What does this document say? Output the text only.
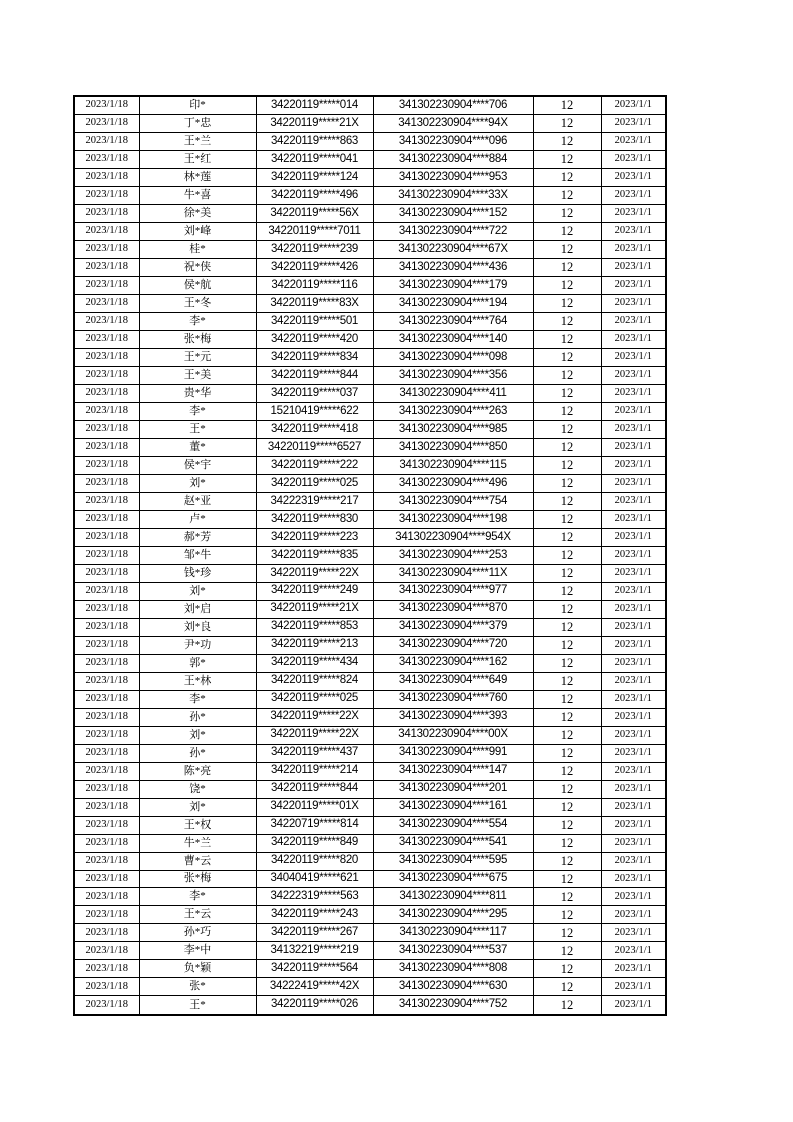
2023/1/18	印*	34220119*****014	341302230904****706	12	2023/1/1
2023/1/18	丁*忠	34220119*****21X	341302230904****94X	12	2023/1/1
2023/1/18	王*兰	34220119*****863	341302230904****096	12	2023/1/1
2023/1/18	王*红	34220119*****041	341302230904****884	12	2023/1/1
2023/1/18	林*莲	34220119*****124	341302230904****953	12	2023/1/1
2023/1/18	牛*喜	34220119*****496	341302230904****33X	12	2023/1/1
2023/1/18	徐*美	34220119*****56X	341302230904****152	12	2023/1/1
2023/1/18	刘*峰	34220119*****7011	341302230904****722	12	2023/1/1
2023/1/18	桂*	34220119*****239	341302230904****67X	12	2023/1/1
2023/1/18	祝*侠	34220119*****426	341302230904****436	12	2023/1/1
2023/1/18	侯*航	34220119*****116	341302230904****179	12	2023/1/1
2023/1/18	王*冬	34220119*****83X	341302230904****194	12	2023/1/1
2023/1/18	李*	34220119*****501	341302230904****764	12	2023/1/1
2023/1/18	张*梅	34220119*****420	341302230904****140	12	2023/1/1
2023/1/18	王*元	34220119*****834	341302230904****098	12	2023/1/1
2023/1/18	王*美	34220119*****844	341302230904****356	12	2023/1/1
2023/1/18	贵*华	34220119*****037	341302230904****411	12	2023/1/1
2023/1/18	李*	15210419*****622	341302230904****263	12	2023/1/1
2023/1/18	王*	34220119*****418	341302230904****985	12	2023/1/1
2023/1/18	董*	34220119*****6527	341302230904****850	12	2023/1/1
2023/1/18	侯*宇	34220119*****222	341302230904****115	12	2023/1/1
2023/1/18	刘*	34220119*****025	341302230904****496	12	2023/1/1
2023/1/18	赵*亚	34222319*****217	341302230904****754	12	2023/1/1
2023/1/18	卢*	34220119*****830	341302230904****198	12	2023/1/1
2023/1/18	郝*芳	34220119*****223	341302230904****954X	12	2023/1/1
2023/1/18	邹*牛	34220119*****835	341302230904****253	12	2023/1/1
2023/1/18	钱*珍	34220119*****22X	341302230904****11X	12	2023/1/1
2023/1/18	刘*	34220119*****249	341302230904****977	12	2023/1/1
2023/1/18	刘*启	34220119*****21X	341302230904****870	12	2023/1/1
2023/1/18	刘*良	34220119*****853	341302230904****379	12	2023/1/1
2023/1/18	尹*功	34220119*****213	341302230904****720	12	2023/1/1
2023/1/18	郭*	34220119*****434	341302230904****162	12	2023/1/1
2023/1/18	王*林	34220119*****824	341302230904****649	12	2023/1/1
2023/1/18	李*	34220119*****025	341302230904****760	12	2023/1/1
2023/1/18	孙*	34220119*****22X	341302230904****393	12	2023/1/1
2023/1/18	刘*	34220119*****22X	341302230904****00X	12	2023/1/1
2023/1/18	孙*	34220119*****437	341302230904****991	12	2023/1/1
2023/1/18	陈*亮	34220119*****214	341302230904****147	12	2023/1/1
2023/1/18	饶*	34220119*****844	341302230904****201	12	2023/1/1
2023/1/18	刘*	34220119*****01X	341302230904****161	12	2023/1/1
2023/1/18	王*权	34220719*****814	341302230904****554	12	2023/1/1
2023/1/18	牛*兰	34220119*****849	341302230904****541	12	2023/1/1
2023/1/18	曹*云	34220119*****820	341302230904****595	12	2023/1/1
2023/1/18	张*梅	34040419*****621	341302230904****675	12	2023/1/1
2023/1/18	李*	34222319*****563	341302230904****811	12	2023/1/1
2023/1/18	王*云	34220119*****243	341302230904****295	12	2023/1/1
2023/1/18	孙*巧	34220119*****267	341302230904****117	12	2023/1/1
2023/1/18	李*中	34132219*****219	341302230904****537	12	2023/1/1
2023/1/18	负*颖	34220119*****564	341302230904****808	12	2023/1/1
2023/1/18	张*	34222419*****42X	341302230904****630	12	2023/1/1
2023/1/18	王*	34220119*****026	341302230904****752	12	2023/1/1
